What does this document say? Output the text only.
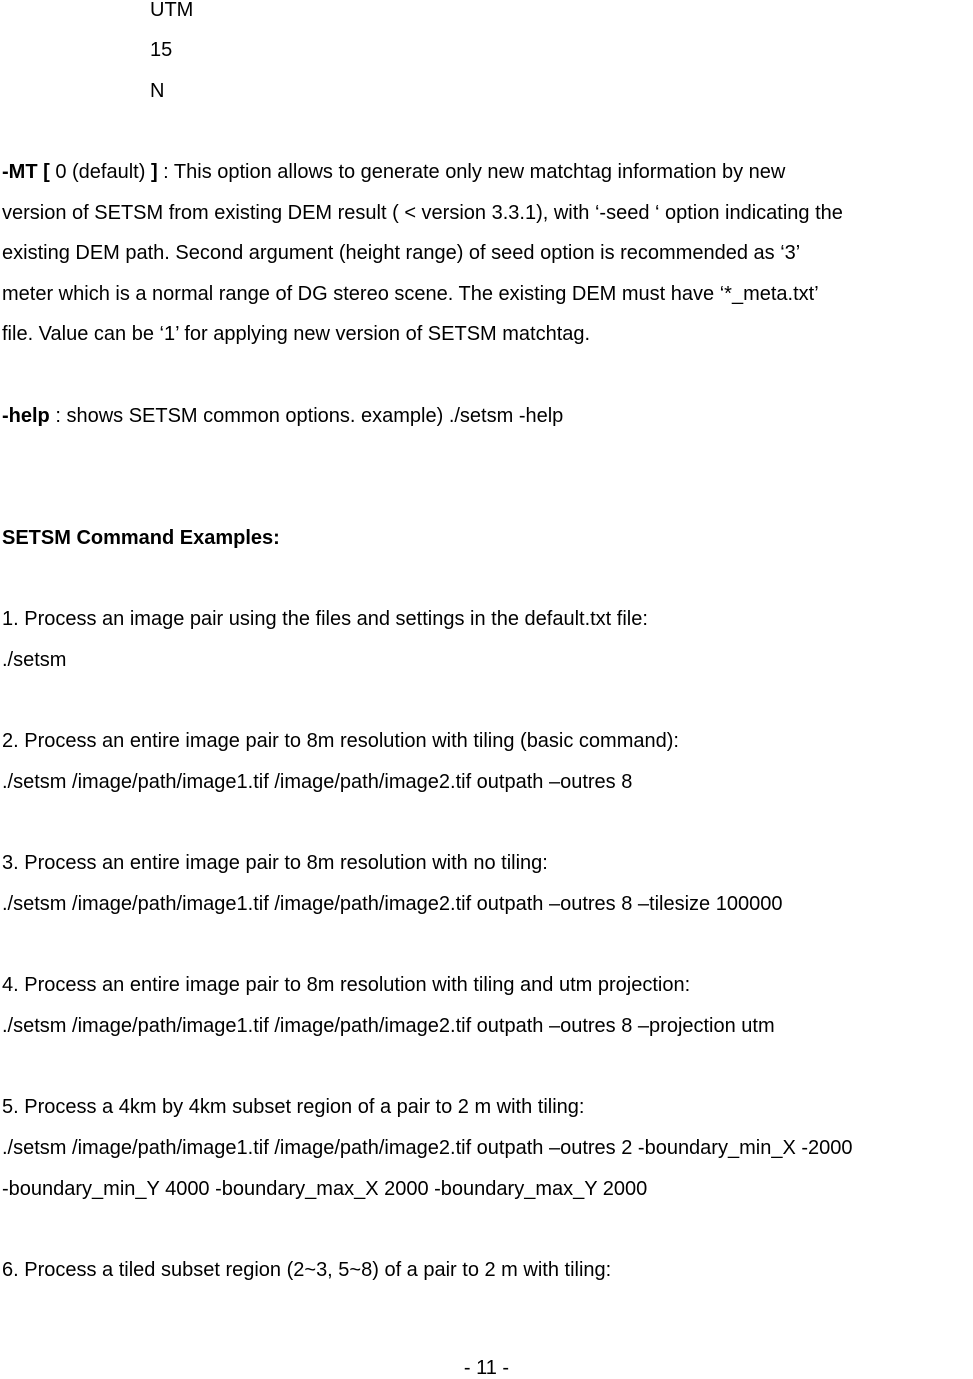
UTM
15
N
-MT [ 0 (default) ] : This option allows to generate only new matchtag information by new
version of SETSM from existing DEM result ( < version 3.3.1), with ‘-seed ‘ option indicating the
existing DEM path. Second argument (height range) of seed option is recommended as ‘3’
meter which is a normal range of DG stereo scene. The existing DEM must have ‘*_meta.txt’
file. Value can be ‘1’ for applying new version of SETSM matchtag.
-help : shows SETSM common options. example) ./setsm -help
SETSM Command Examples:
1. Process an image pair using the files and settings in the default.txt file:
./setsm
2. Process an entire image pair to 8m resolution with tiling (basic command):
./setsm /image/path/image1.tif /image/path/image2.tif outpath –outres 8
3. Process an entire image pair to 8m resolution with no tiling:
./setsm /image/path/image1.tif /image/path/image2.tif outpath –outres 8 –tilesize 100000
4. Process an entire image pair to 8m resolution with tiling and utm projection:
./setsm /image/path/image1.tif /image/path/image2.tif outpath –outres 8 –projection utm
5. Process a 4km by 4km subset region of a pair to 2 m with tiling:
./setsm /image/path/image1.tif /image/path/image2.tif outpath –outres 2 -boundary_min_X -2000
-boundary_min_Y 4000 -boundary_max_X 2000 -boundary_max_Y 2000
6. Process a tiled subset region (2~3, 5~8) of a pair to 2 m with tiling:
- 11 -
